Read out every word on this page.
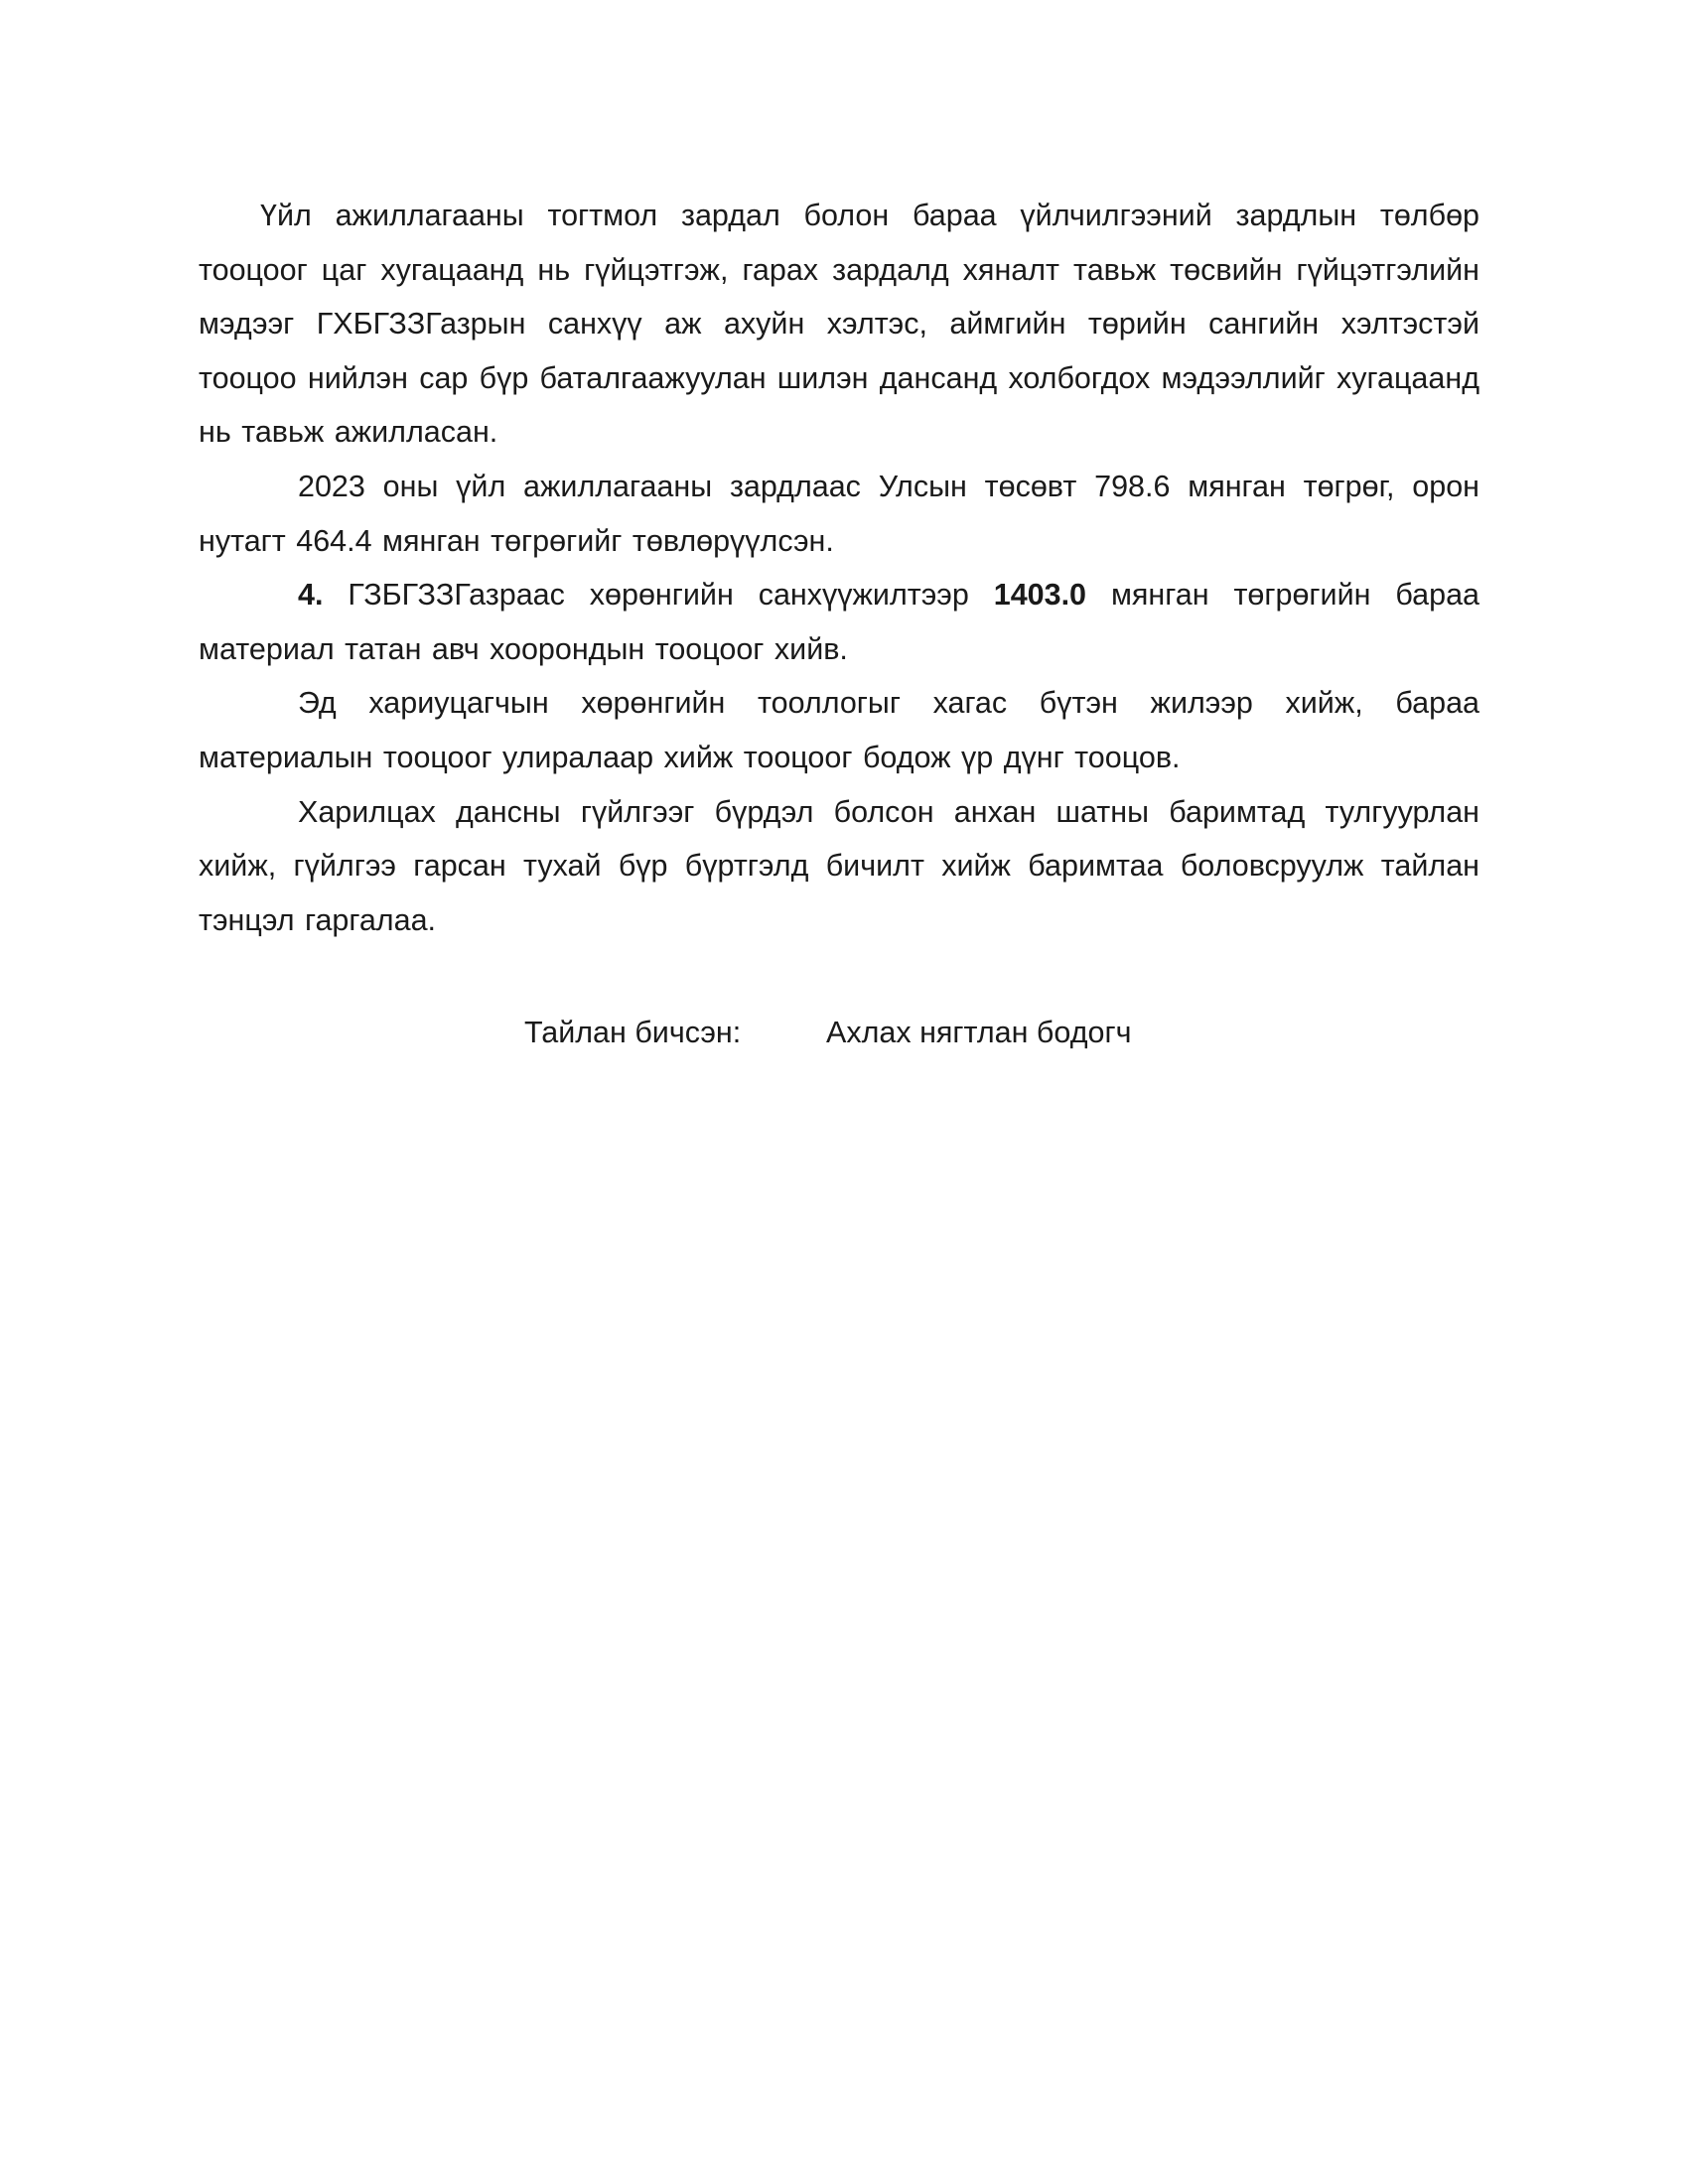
Үйл ажиллагааны тогтмол зардал болон бараа үйлчилгээний зардлын төлбөр тооцоог цаг хугацаанд нь гүйцэтгэж, гарах зардалд хяналт тавьж төсвийн гүйцэтгэлийн мэдээг ГХБГЗЗГазрын санхүү аж ахуйн хэлтэс, аймгийн төрийн сангийн хэлтэстэй тооцоо нийлэн сар бүр баталгаажуулан шилэн дансанд холбогдох мэдээллийг хугацаанд нь тавьж ажилласан.

2023 оны үйл ажиллагааны зардлаас Улсын төсөвт 798.6 мянган төгрөг, орон нутагт 464.4 мянган төгрөгийг төвлөрүүлсэн.

4. ГЗБГЗЗГазраас хөрөнгийн санхүүжилтээр 1403.0 мянган төгрөгийн бараа материал татан авч хоорондын тооцоог хийв.

Эд хариуцагчын хөрөнгийн тооллогыг хагас бүтэн жилээр хийж, бараа материалын тооцоог улиралаар хийж тооцоог бодож үр дүнг тооцов.

Харилцах дансны гүйлгээг бүрдэл болсон анхан шатны баримтад тулгуурлан хийж, гүйлгээ гарсан тухай бүр бүртгэлд бичилт хийж баримтаа боловсруулж тайлан тэнцэл гаргалаа.

Тайлан бичсэн:	Ахлах нягтлан бодогч
